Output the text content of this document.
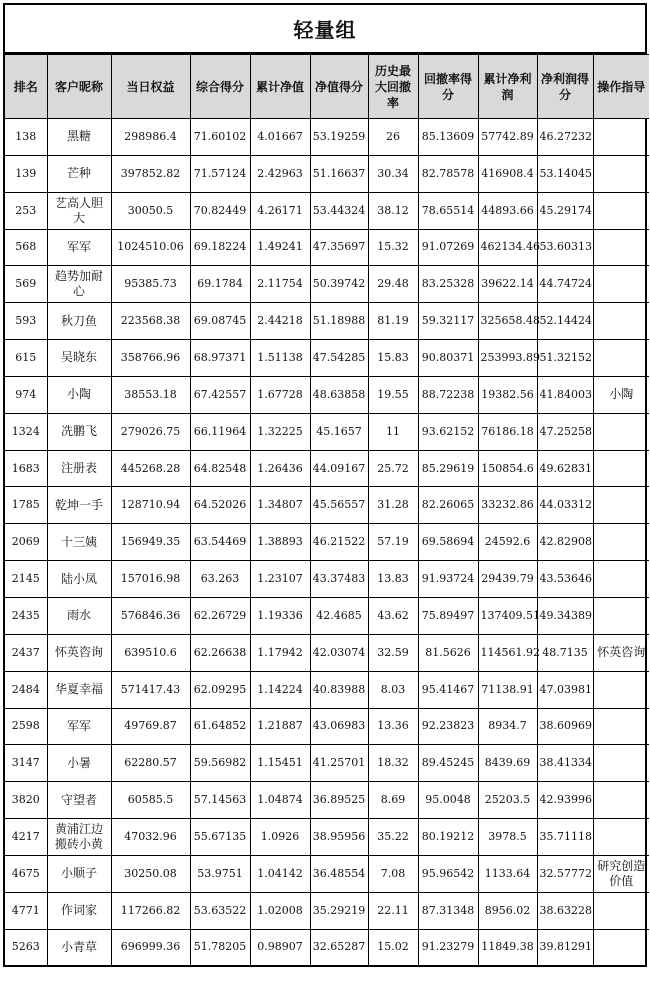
轻量组
排名	客户昵称	当日权益	综合得分	累计净值	净值得分	历史最大回撤率	回撤率得分	累计净利润	净利润得分	操作指导
138	黑糖	298986.4	71.60102	4.01667	53.19259	26	85.13609	57742.89	46.27232	
139	芒种	397852.82	71.57124	2.42963	51.16637	30.34	82.78578	416908.4	53.14045	
253	艺高人胆大	30050.5	70.82449	4.26171	53.44324	38.12	78.65514	44893.66	45.29174	
568	军军	1024510.06	69.18224	1.49241	47.35697	15.32	91.07269	462134.46	53.60313	
569	趋势加耐心	95385.73	69.1784	2.11754	50.39742	29.48	83.25328	39622.14	44.74724	
593	秋刀鱼	223568.38	69.08745	2.44218	51.18988	81.19	59.32117	325658.48	52.14424	
615	吴晓东	358766.96	68.97371	1.51138	47.54285	15.83	90.80371	253993.89	51.32152	
974	小陶	38553.18	67.42557	1.67728	48.63858	19.55	88.72238	19382.56	41.84003	小陶
1324	冼鹏飞	279026.75	66.11964	1.32225	45.1657	11	93.62152	76186.18	47.25258	
1683	注册表	445268.28	64.82548	1.26436	44.09167	25.72	85.29619	150854.6	49.62831	
1785	乾坤一手	128710.94	64.52026	1.34807	45.56557	31.28	82.26065	33232.86	44.03312	
2069	十三姨	156949.35	63.54469	1.38893	46.21522	57.19	69.58694	24592.6	42.82908	
2145	陆小凤	157016.98	63.263	1.23107	43.37483	13.83	91.93724	29439.79	43.53646	
2435	雨水	576846.36	62.26729	1.19336	42.4685	43.62	75.89497	137409.51	49.34389	
2437	怀英咨询	639510.6	62.26638	1.17942	42.03074	32.59	81.5626	114561.92	48.7135	怀英咨询
2484	华夏幸福	571417.43	62.09295	1.14224	40.83988	8.03	95.41467	71138.91	47.03981	
2598	军军	49769.87	61.64852	1.21887	43.06983	13.36	92.23823	8934.7	38.60969	
3147	小暑	62280.57	59.56982	1.15451	41.25701	18.32	89.45245	8439.69	38.41334	
3820	守望者	60585.5	57.14563	1.04874	36.89525	8.69	95.0048	25203.5	42.93996	
4217	黄浦江边搬砖小黄	47032.96	55.67135	1.0926	38.95956	35.22	80.19212	3978.5	35.71118	
4675	小顺子	30250.08	53.9751	1.04142	36.48554	7.08	95.96542	1133.64	32.57772	研究创造价值
4771	作词家	117266.82	53.63522	1.02008	35.29219	22.11	87.31348	8956.02	38.63228	
5263	小青草	696999.36	51.78205	0.98907	32.65287	15.02	91.23279	11849.38	39.81291	
